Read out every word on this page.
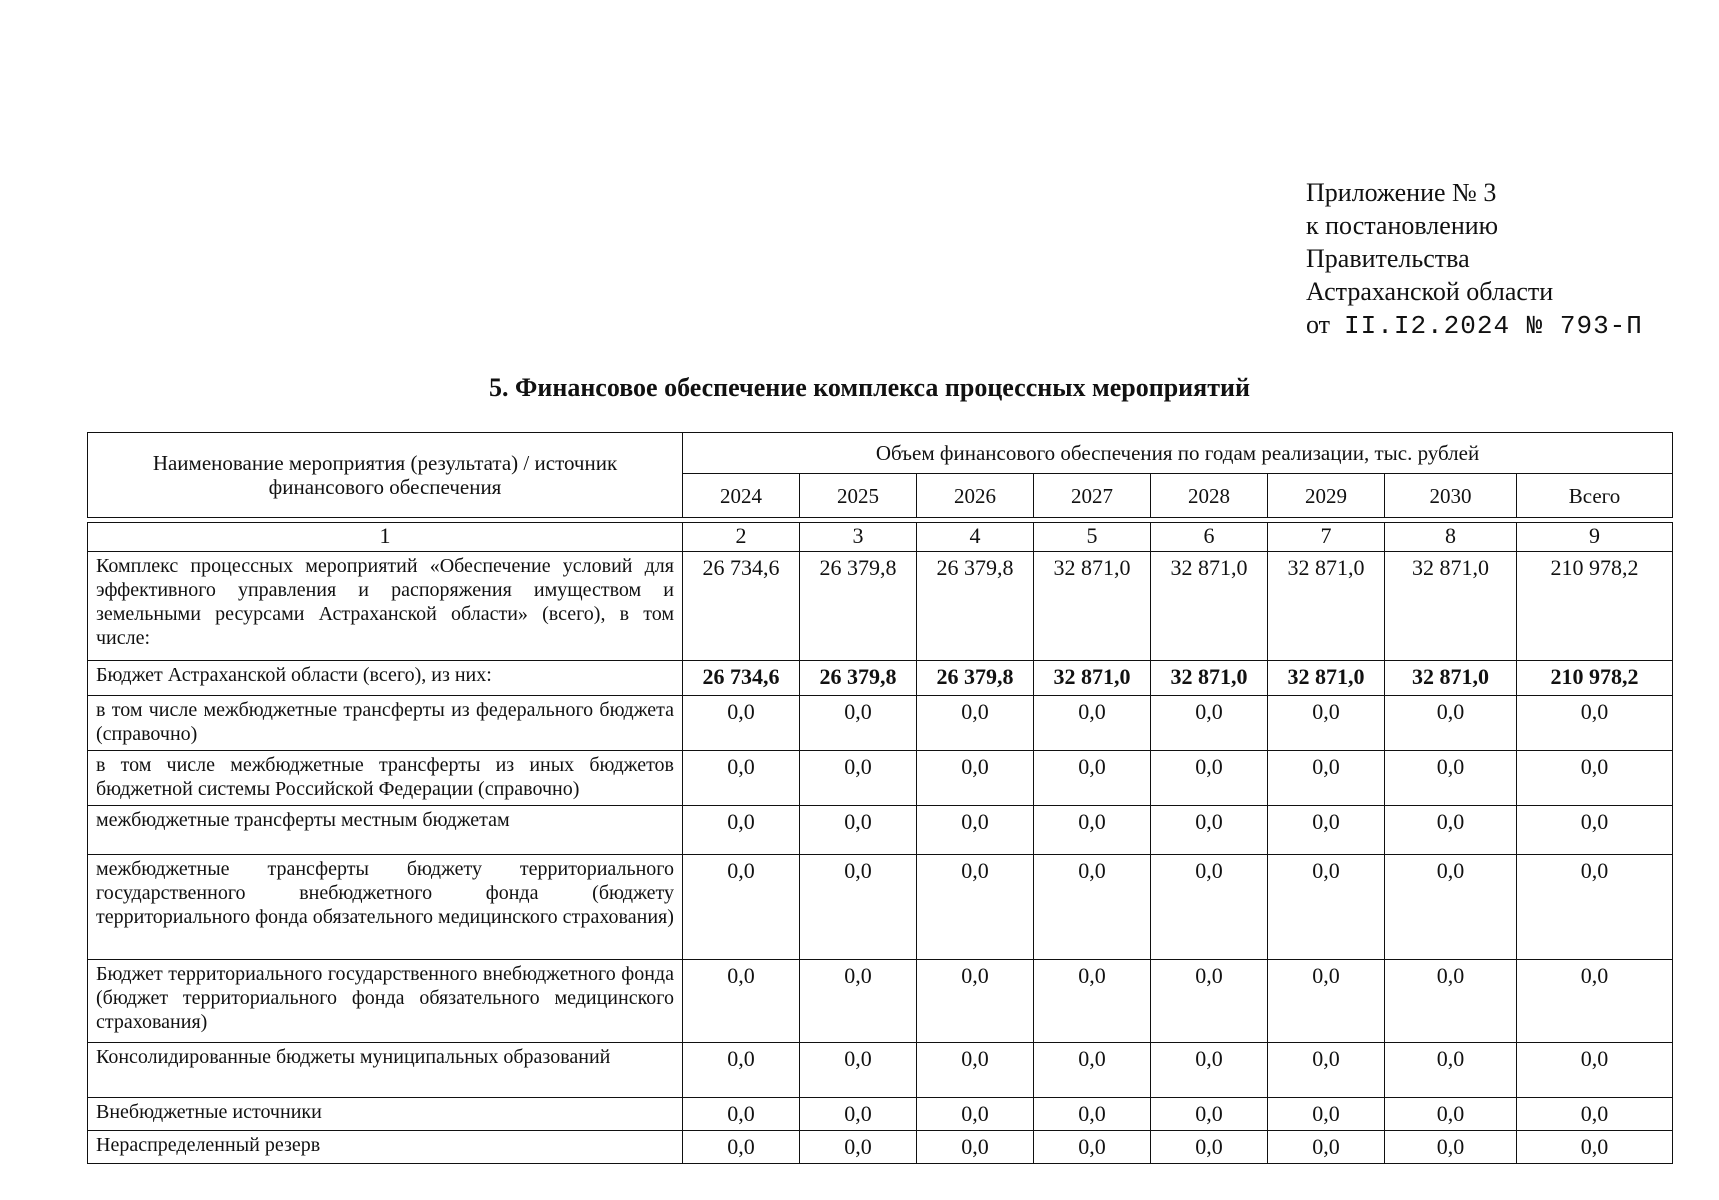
Приложение № 3
к постановлению
Правительства
Астраханской области
от II.I2.2024 № 793-П
5. Финансовое обеспечение комплекса процессных мероприятий
Наименование мероприятия (результата) / источник финансового обеспечения	Объем финансового обеспечения по годам реализации, тыс. рублей							
	2024	2025	2026	2027	2028	2029	2030	Всего

1	2	3	4	5	6	7	8	9
Комплекс процессных мероприятий «Обеспечение условий для эффективного управления и распоряжения имуществом и земельными ресурсами Астраханской области» (всего), в том числе:	26 734,6	26 379,8	26 379,8	32 871,0	32 871,0	32 871,0	32 871,0	210 978,2
Бюджет Астраханской области (всего), из них:	26 734,6	26 379,8	26 379,8	32 871,0	32 871,0	32 871,0	32 871,0	210 978,2
в том числе межбюджетные трансферты из федерального бюджета (справочно)	0,0	0,0	0,0	0,0	0,0	0,0	0,0	0,0
в том числе межбюджетные трансферты из иных бюджетов бюджетной системы Российской Федерации (справочно)	0,0	0,0	0,0	0,0	0,0	0,0	0,0	0,0
межбюджетные трансферты местным бюджетам	0,0	0,0	0,0	0,0	0,0	0,0	0,0	0,0
межбюджетные трансферты бюджету территориального государственного внебюджетного фонда (бюджету территориального фонда обязательного медицинского страхования)	0,0	0,0	0,0	0,0	0,0	0,0	0,0	0,0
Бюджет территориального государственного внебюджетного фонда (бюджет территориального фонда обязательного медицинского страхования)	0,0	0,0	0,0	0,0	0,0	0,0	0,0	0,0
Консолидированные бюджеты муниципальных образований	0,0	0,0	0,0	0,0	0,0	0,0	0,0	0,0
Внебюджетные источники	0,0	0,0	0,0	0,0	0,0	0,0	0,0	0,0
Нераспределенный резерв	0,0	0,0	0,0	0,0	0,0	0,0	0,0	0,0
